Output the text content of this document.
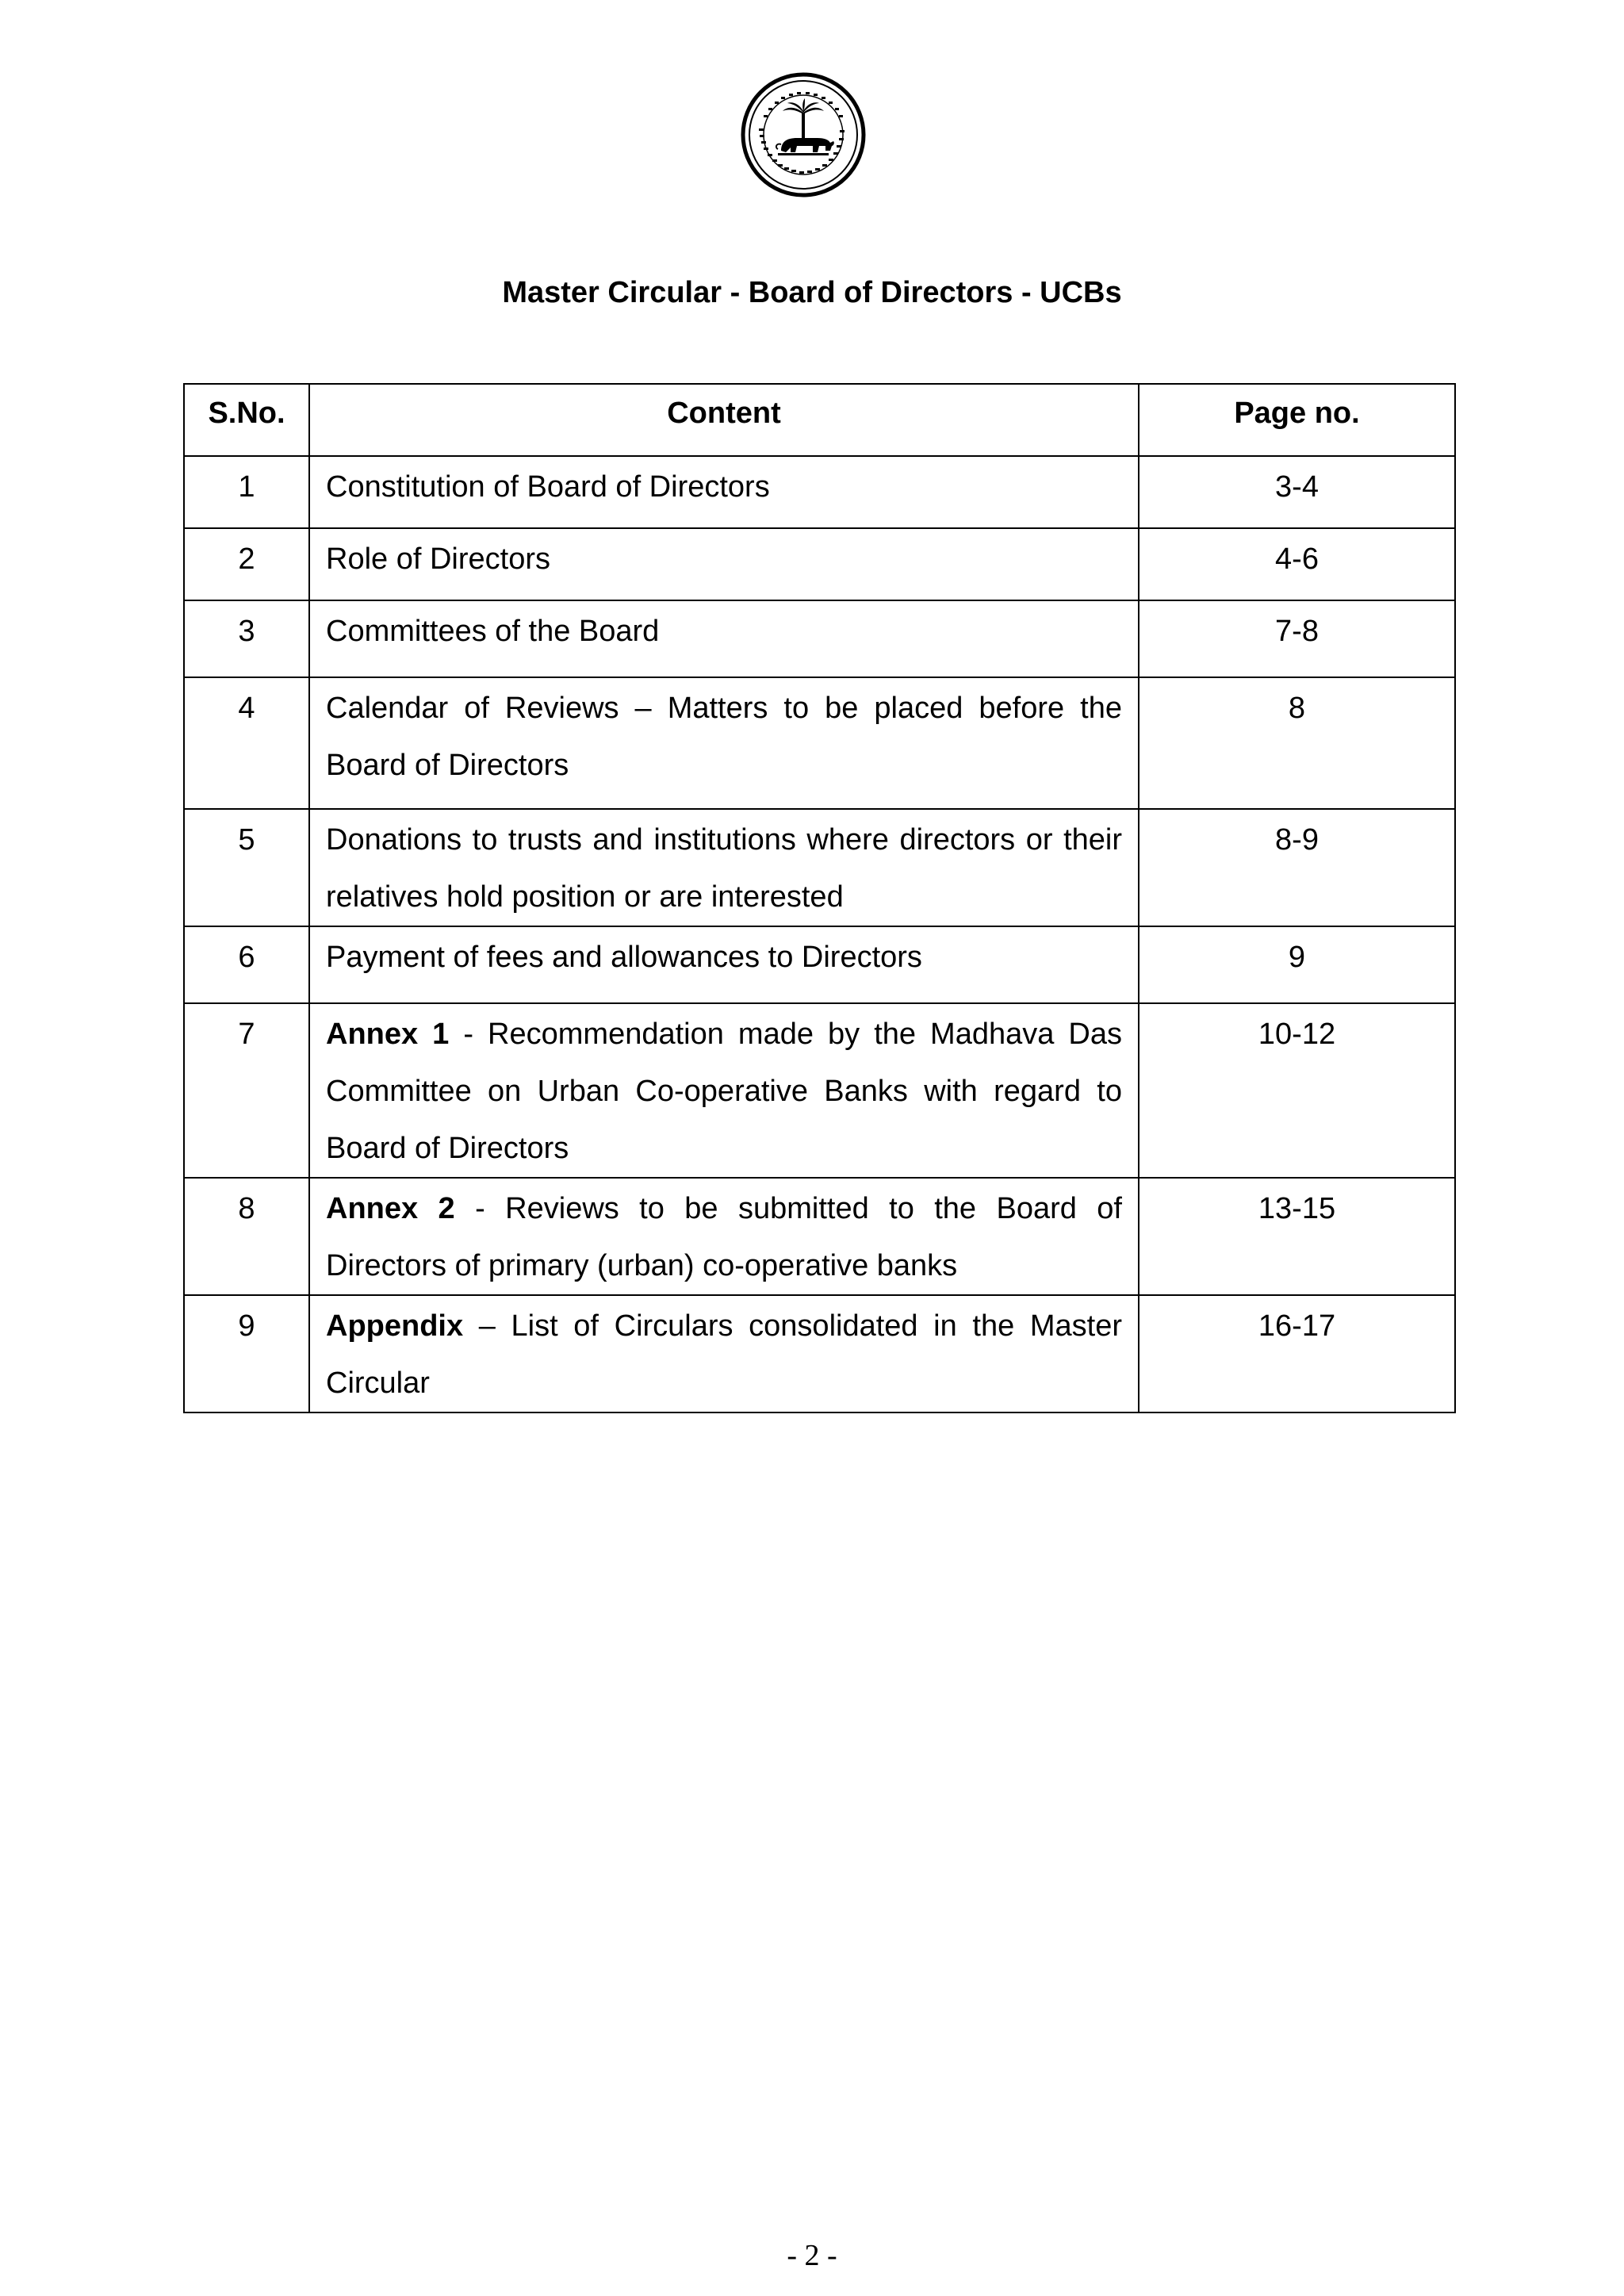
Master Circular - Board of Directors - UCBs
S.No.	Content	Page no.
1	Constitution of Board of Directors	3-4
2	Role of Directors	4-6
3	Committees of the Board	7-8
4	Calendar of Reviews – Matters to be placed before the Board of Directors	8
5	Donations to trusts and institutions where directors or their relatives hold position or are interested	8-9
6	Payment of fees and allowances to Directors	9
7	Annex 1 - Recommendation made by the Madhava Das Committee on Urban Co-operative Banks with regard to Board of Directors	10-12
8	Annex 2 - Reviews to be submitted to the Board of Directors of primary (urban) co-operative banks	13-15
9	Appendix – List of Circulars consolidated in the Master Circular	16-17
- 2 -
